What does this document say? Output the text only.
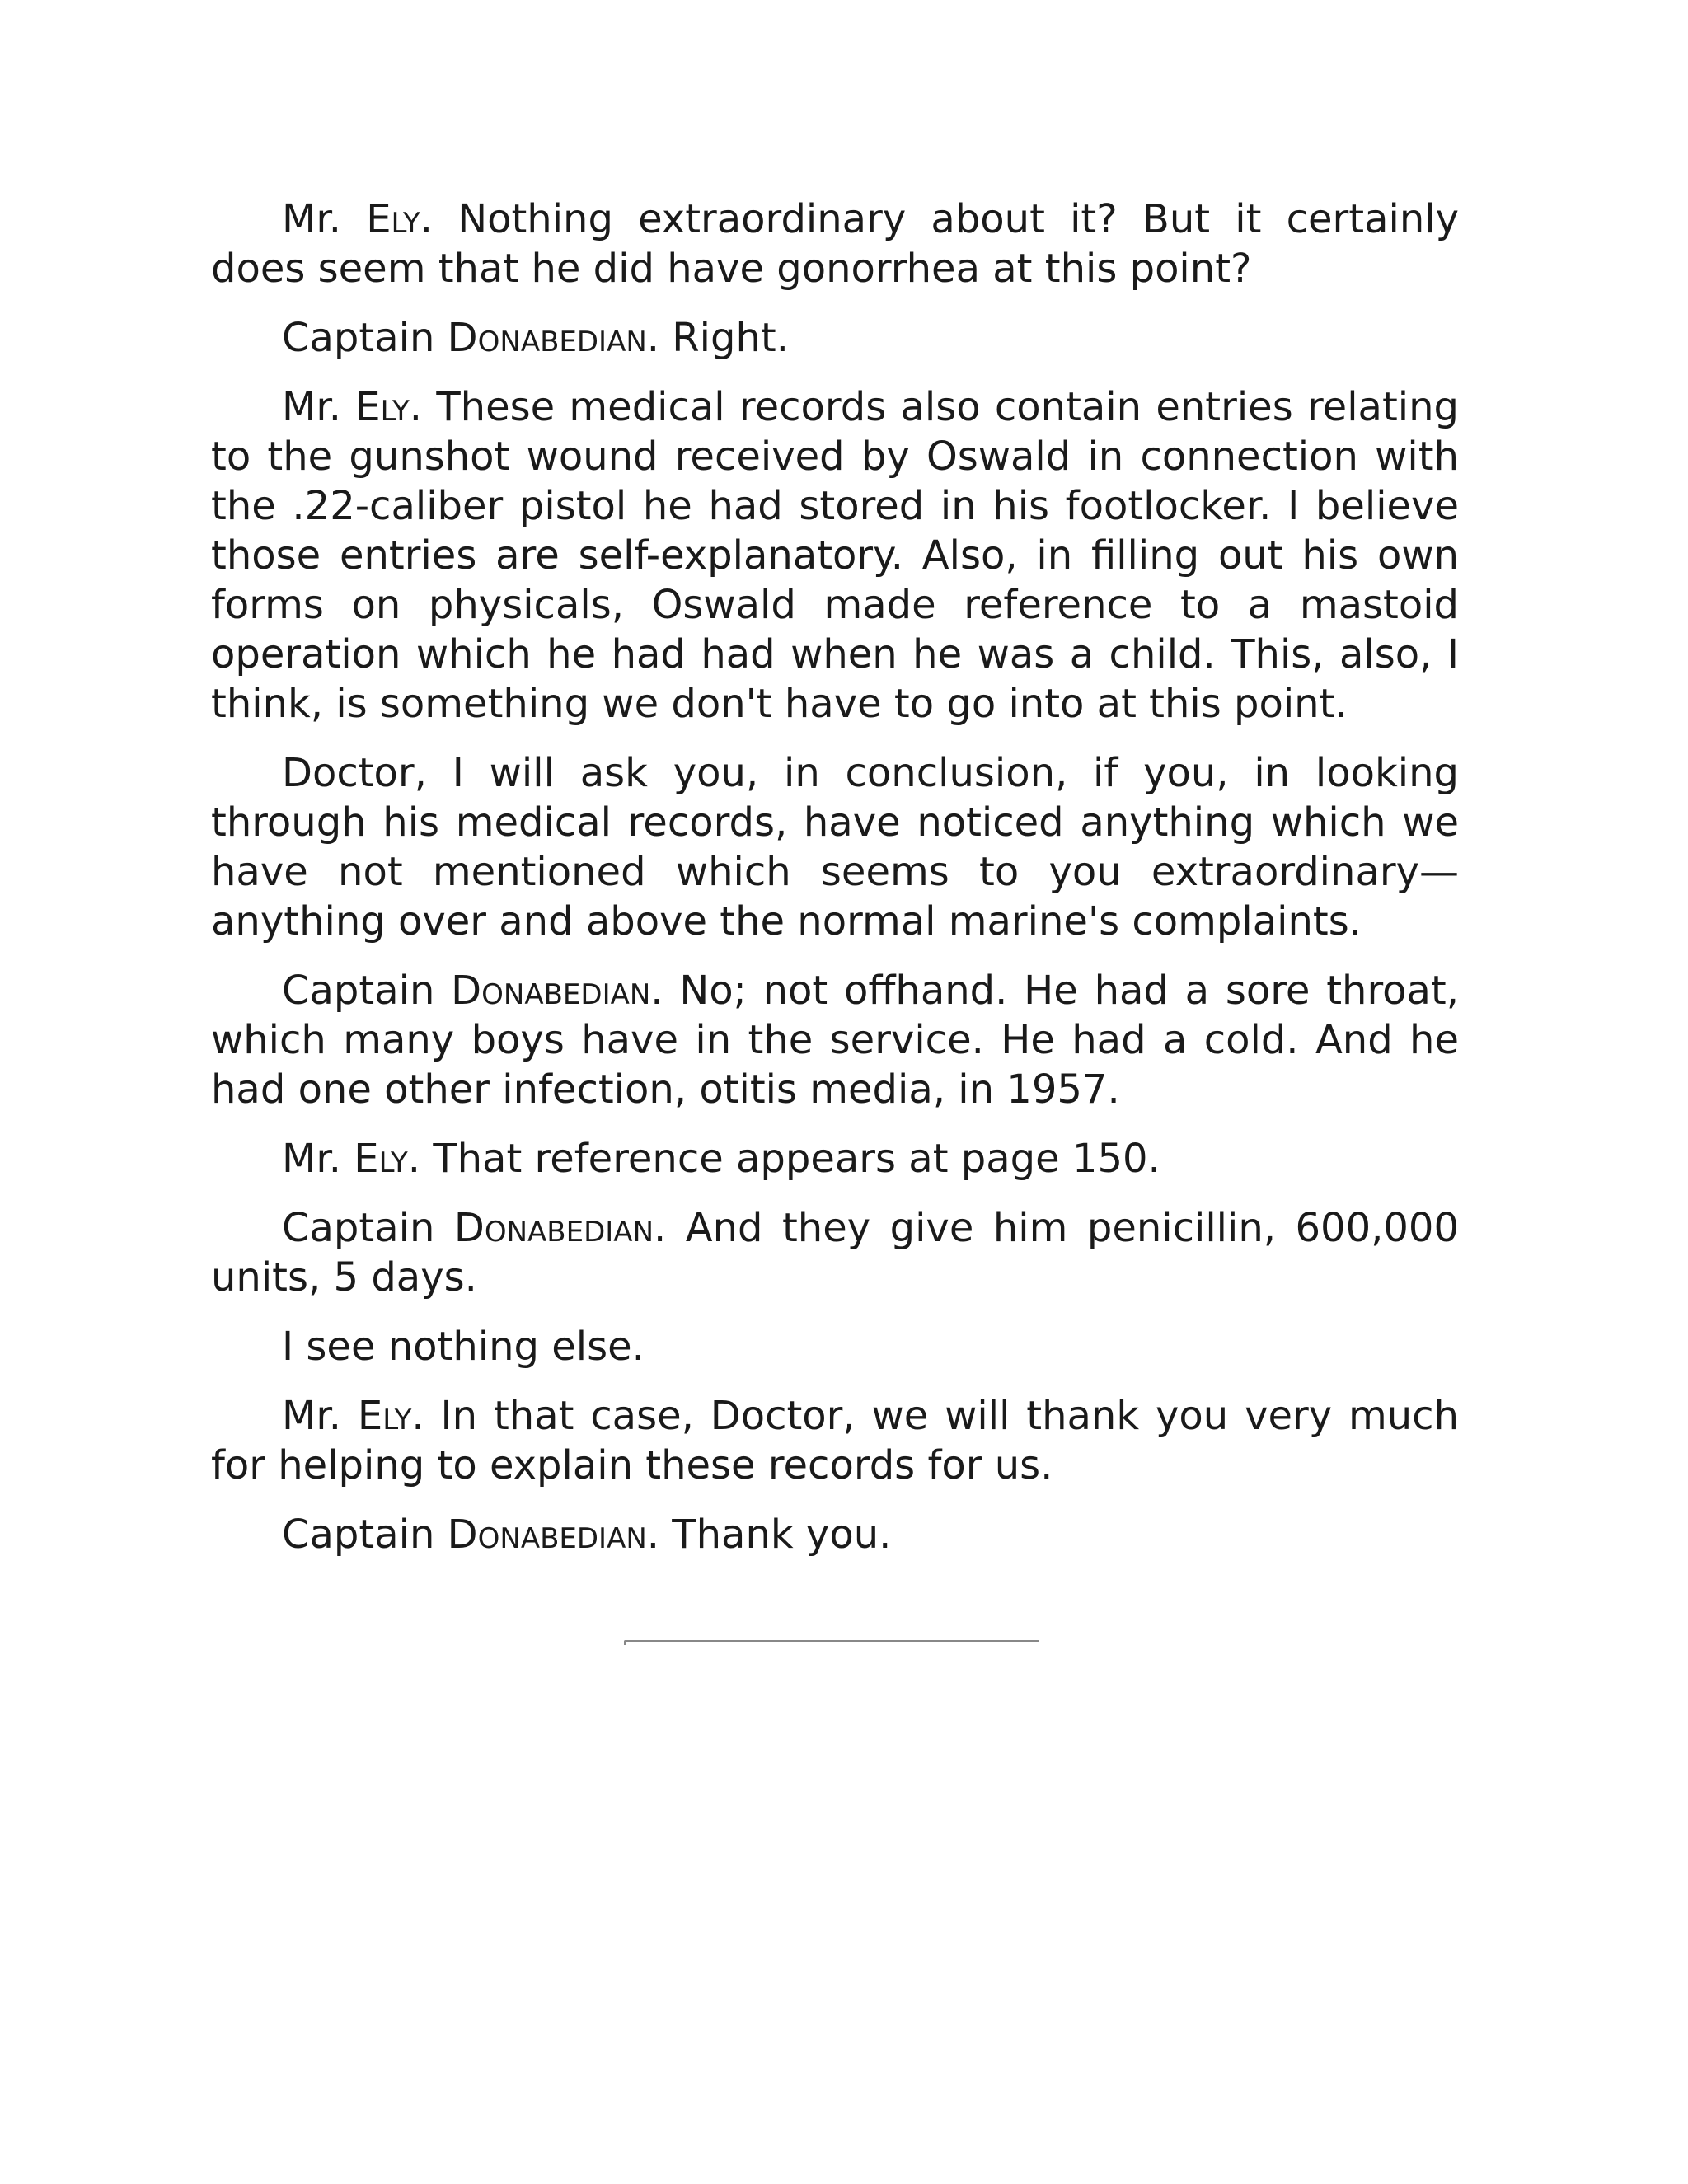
Mr. Ely. Nothing extraordinary about it? But it certainly does seem that he did have gonorrhea at this point?

Captain Donabedian. Right.

Mr. Ely. These medical records also contain entries relating to the gunshot wound received by Oswald in connection with the .22-caliber pistol he had stored in his footlocker. I believe those entries are self-explanatory. Also, in filling out his own forms on physicals, Oswald made reference to a mastoid operation which he had had when he was a child. This, also, I think, is something we don't have to go into at this point.

Doctor, I will ask you, in conclusion, if you, in looking through his medical records, have noticed anything which we have not mentioned which seems to you extraordinary—anything over and above the normal marine's complaints.

Captain Donabedian. No; not offhand. He had a sore throat, which many boys have in the service. He had a cold. And he had one other infection, otitis media, in 1957.

Mr. Ely. That reference appears at page 150.

Captain Donabedian. And they give him penicillin, 600,000 units, 5 days.

I see nothing else.

Mr. Ely. In that case, Doctor, we will thank you very much for helping to explain these records for us.

Captain Donabedian. Thank you.
